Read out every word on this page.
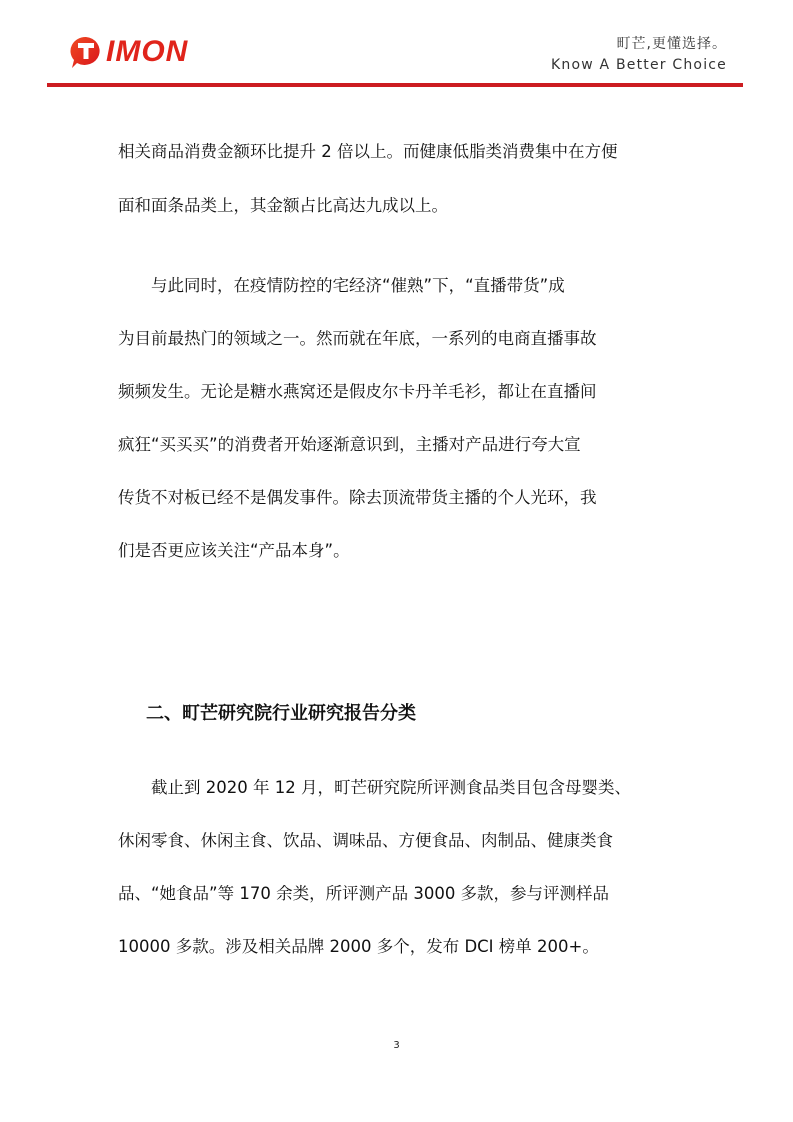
IMON	町芒,更懂选择。
Know A Better Choice
相关商品消费金额环比提升 2 倍以上。而健康低脂类消费集中在方便
面和面条品类上，其金额占比高达九成以上。
与此同时，在疫情防控的宅经济“催熟”下，“直播带货”成
为目前最热门的领域之一。然而就在年底，一系列的电商直播事故
频频发生。无论是糖水燕窝还是假皮尔卡丹羊毛衫，都让在直播间
疯狂“买买买”的消费者开始逐渐意识到，主播对产品进行夸大宣
传货不对板已经不是偶发事件。除去顶流带货主播的个人光环，我
们是否更应该关注“产品本身”。
二、町芒研究院行业研究报告分类
截止到 2020 年 12 月，町芒研究院所评测食品类目包含母婴类、
休闲零食、休闲主食、饮品、调味品、方便食品、肉制品、健康类食
品、“她食品”等 170 余类，所评测产品 3000 多款，参与评测样品
10000 多款。涉及相关品牌 2000 多个，发布 DCI 榜单 200+。
3
